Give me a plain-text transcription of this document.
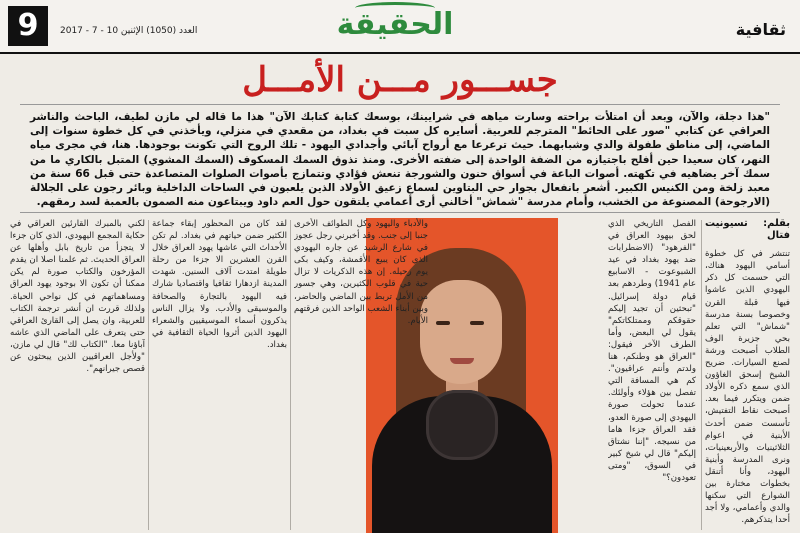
9	العدد (1050) الإثنين 10 - 7 - 2017	الحقيقة	ثقافية
جســـور مـــن الأمـــل

"هذا دجلة، والآن، وبعد أن امتلأت براحته وسارت مياهه في شرايينك، بوسعك كتابة كتابك الآن" هذا ما قاله لي مازن لطيف، الباحث والناشر العراقي عن كتابي "صور على الحائط" المترجم للعربية. أسايره كل سبت في بغداد، من مقعدي في منزلي، ويأخذني في كل خطوة سنوات إلى الماضي، إلى مناطق طفولة والدي وشبابهما. حيث ترعرعا مع أرواح آبائي وأجدادي اليهود - تلك الروح التي تكونت بوجودها. هنا، في مجرى مياه النهر، كان سعيدا حين أفلح باجتيازه من الضفة الواحدة إلى ضفته الأخرى. ومنذ تذوق السمك المسكوف (السمك المشوي) المتبل بالكاري ما من سمك آخر يضاهيه في تكهته. أصوات الباعة في أسواق حنون والشورجة تنعش فؤادي وتتمازج بأصوات الصلوات المتصاعدة حتى قبل 66 سنة من معبد زلخة ومن الكنيس الكبير. أشعر بانفعال بجوار حي البتاوين لسماع زعيق الأولاد الذين يلعبون في الساحات الداخلية وبائر رجون على الجلالة (الارجوحة) المصنوعة من الخشب، وأمام مدرسة "شماش" أخالني أرى أعمامي يلتقون حول العم داود ويبتاعون منه الصمون بالعمبة لسد رمقهم.

بقلم: تسيونيت فتال

تنتشر في كل خطوة أسامي اليهود هناك، التي حسمت كل ذكر اليهودي الذين عاشوا فيها قبلة القرن وخصوصا بسنة مدرسة "شماش" التي تعلم بحي جزيرة الوف الطلاب أصبحت ورشة لصنع السيارات. ضريح الشيخ إسحق الغاؤون الذي سمع ذكره الأولاد ضمن ويتكرر فيما بعد. أصبحت نقاط التفتيش، تأسست ضمن أحدث الأبنية في اعوام الثلاثينيات والأربعينيات، ونرى المدرسة وأبنية اليهود، وأنا أتنقل بخطوات مختارة بين الشوارع التي سكنها والدي وأعمامي، ولا أجد أحدا يتذكرهم.

الفصل التاريخي الذي لحق بيهود العراق في "الفرهود" (الاضطرابات ضد يهود بغداد في عيد الشبوعوت - الاسابيع عام 1941) وطردهم بعد قيام دولة إسرائيل. "تبحثين أن تجيد إليكم حقوقكم وممتلكاتكم" يقول لي البعض، وأما الطرف الآخر فيقول: "العراق هو وطنكم، هنا ولدتم وأنتم عراقيون". كم هي المسافة التي تفصل بين هؤلاء وأولئك. عندما تحولت صورة اليهودي إلى صورة العدو، فقد العراق جزءا هاما من نسيجه. "إننا نشتاق إليكم" قال لي شيخ كبير في السوق، "ومتى تعودون؟"

والأدباء واليهود وكل الطوائف الأخرى جنبا إلى جنب. وقد أخبرني رجل عجوز في شارع الرشيد عن جاره اليهودي الذي كان يبيع الأقمشة، وكيف بكى يوم رحيله. إن هذه الذكريات لا تزال حية في قلوب الكثيرين، وهي جسور من الأمل تربط بين الماضي والحاضر، وبين أبناء الشعب الواحد الذين فرقتهم الأيام.

لقد كان من المحظور إبقاء جماعة الكثير ضمن حياتهم في بغداد. لم تكن الأحداث التي عاشها يهود العراق خلال القرن العشرين الا جزءا من رحلة طويلة امتدت آلاف السنين. شهدت المدينة ازدهارا ثقافيا واقتصاديا شارك فيه اليهود بالتجارة والصحافة والموسيقى والأدب. ولا يزال الناس يذكرون أسماء الموسيقيين والشعراء اليهود الذين أثروا الحياة الثقافية في بغداد.

لكني بالمبرك القارئين العراقي في حكاية المجمع اليهودي، الذي كان جزءا لا يتجزأ من تاريخ بابل وأهلها عن العراق الحديث. ثم علمنا اصلا ان يقدم المؤرخون والكتاب صورة لم يكن ممكنا أن تكون الا بوجود يهود العراق ومساهماتهم في كل نواحي الحياة. ولذلك قررت ان أنشر ترجمة الكتاب للعربية، وان يصل إلى القارئ العراقي حتى يتعرف على الماضي الذي عاشه آباؤنا معا. "الكتاب لك" قال لي مازن، "ولأجل العراقيين الذين يبحثون عن قصص جيرانهم".
